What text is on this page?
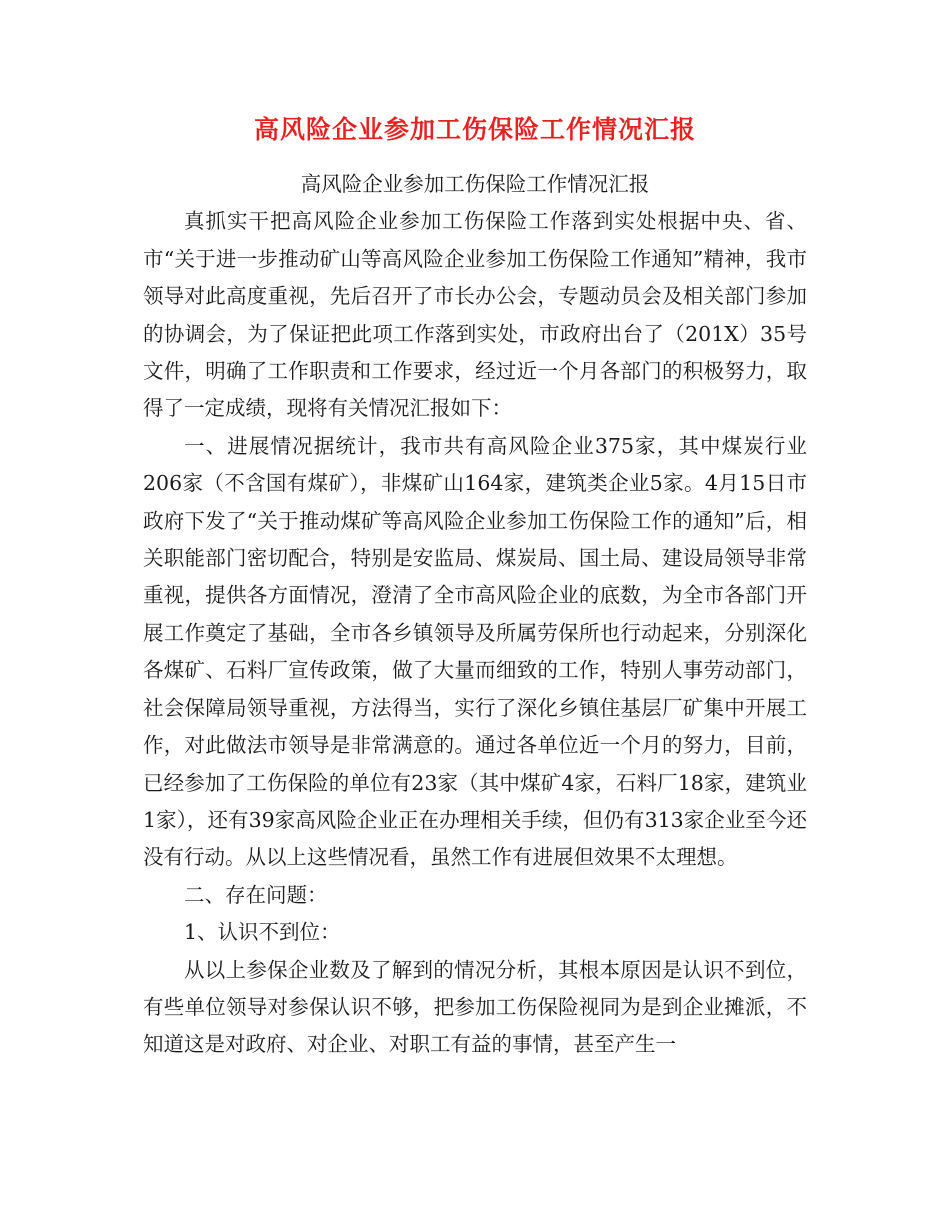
高风险企业参加工伤保险工作情况汇报

高风险企业参加工伤保险工作情况汇报

真抓实干把高风险企业参加工伤保险工作落到实处根据中央、省、市“关于进一步推动矿山等高风险企业参加工伤保险工作通知”精神，我市领导对此高度重视，先后召开了市长办公会，专题动员会及相关部门参加的协调会，为了保证把此项工作落到实处，市政府出台了（201X）35号文件，明确了工作职责和工作要求，经过近一个月各部门的积极努力，取得了一定成绩，现将有关情况汇报如下：

一、进展情况据统计，我市共有高风险企业375家，其中煤炭行业206家（不含国有煤矿），非煤矿山164家，建筑类企业5家。4月15日市政府下发了“关于推动煤矿等高风险企业参加工伤保险工作的通知”后，相关职能部门密切配合，特别是安监局、煤炭局、国土局、建设局领导非常重视，提供各方面情况，澄清了全市高风险企业的底数，为全市各部门开展工作奠定了基础，全市各乡镇领导及所属劳保所也行动起来，分别深化各煤矿、石料厂宣传政策，做了大量而细致的工作，特别人事劳动部门，社会保障局领导重视，方法得当，实行了深化乡镇住基层厂矿集中开展工作，对此做法市领导是非常满意的。通过各单位近一个月的努力，目前，已经参加了工伤保险的单位有23家（其中煤矿4家，石料厂18家，建筑业1家），还有39家高风险企业正在办理相关手续，但仍有313家企业至今还没有行动。从以上这些情况看，虽然工作有进展但效果不太理想。

二、存在问题：

1、认识不到位：

从以上参保企业数及了解到的情况分析，其根本原因是认识不到位，有些单位领导对参保认识不够，把参加工伤保险视同为是到企业摊派，不知道这是对政府、对企业、对职工有益的事情，甚至产生一
